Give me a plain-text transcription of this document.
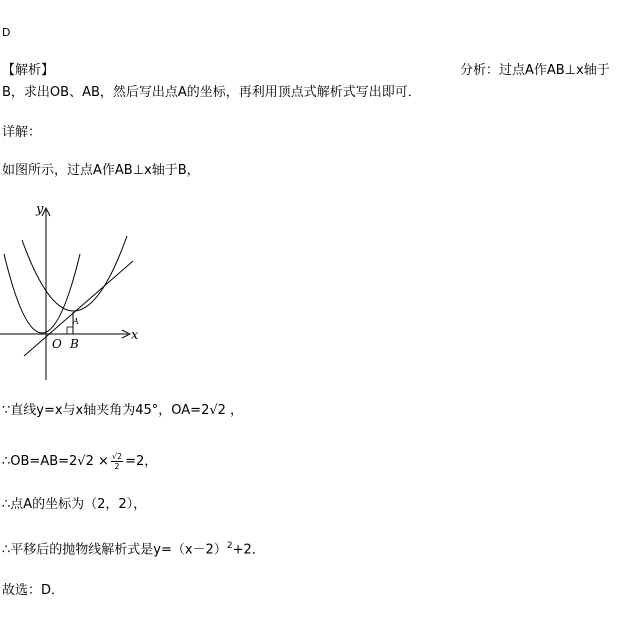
D
【解析】	分析：过点A作AB⊥x轴于
B，求出OB、AB，然后写出点A的坐标，再利用顶点式解析式写出即可．
详解：
如图所示，过点A作AB⊥x轴于B，
y
x
O B
A
∵直线y=x与x轴夹角为45°，OA=2√2 ，
∴OB=AB=2√2 × $\frac{√2}{2} =2$，
∴点A的坐标为（2，2），
∴平移后的抛物线解析式是$y=(x-2)^2+2$．
故选：D．
